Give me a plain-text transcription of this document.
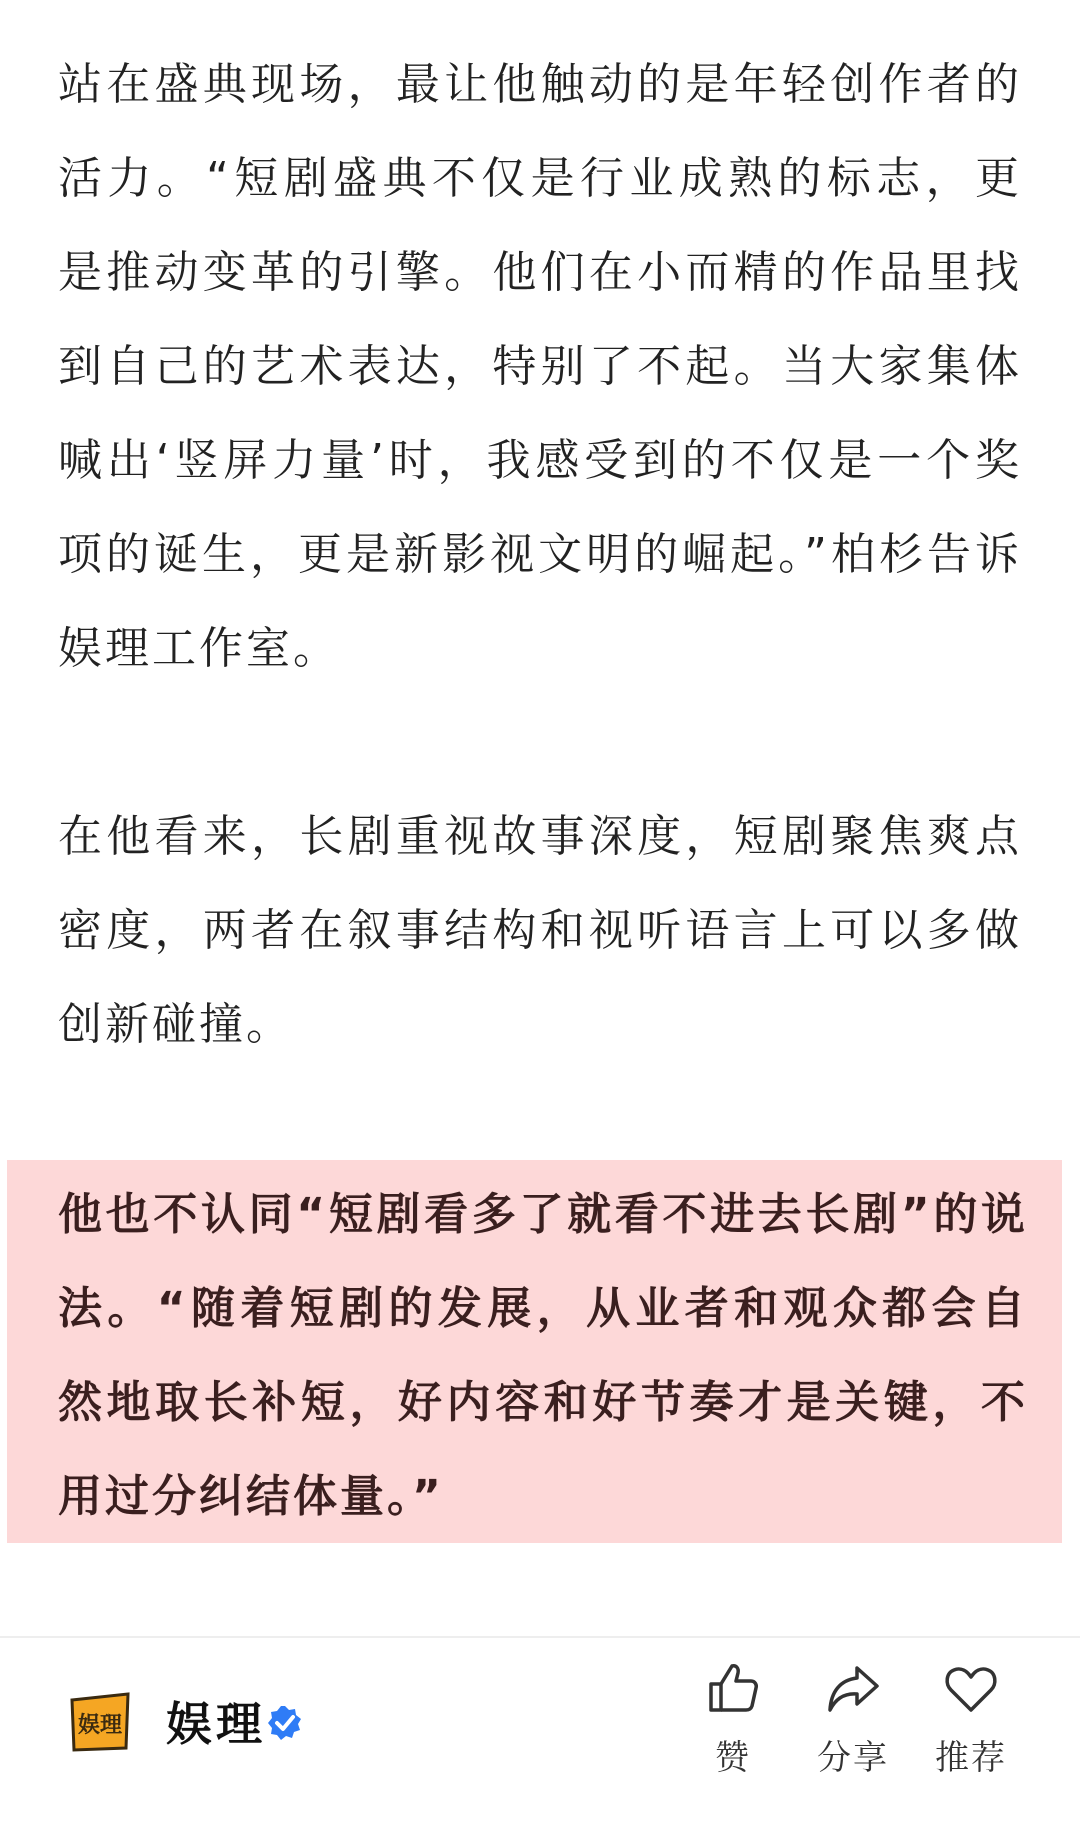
站在盛典现场，最让他触动的是年轻创作者的活力。“短剧盛典不仅是行业成熟的标志，更是推动变革的引擎。他们在小而精的作品里找到自己的艺术表达，特别了不起。当大家集体喊出‘竖屏力量’时，我感受到的不仅是一个奖项的诞生，更是新影视文明的崛起。”柏杉告诉娱理工作室。

在他看来，长剧重视故事深度，短剧聚焦爽点密度，两者在叙事结构和视听语言上可以多做创新碰撞。

他也不认同“短剧看多了就看不进去长剧”的说法。“随着短剧的发展，从业者和观众都会自然地取长补短，好内容和好节奏才是关键，不用过分纠结体量。”

娱理 娱理
赞	分享	推荐
